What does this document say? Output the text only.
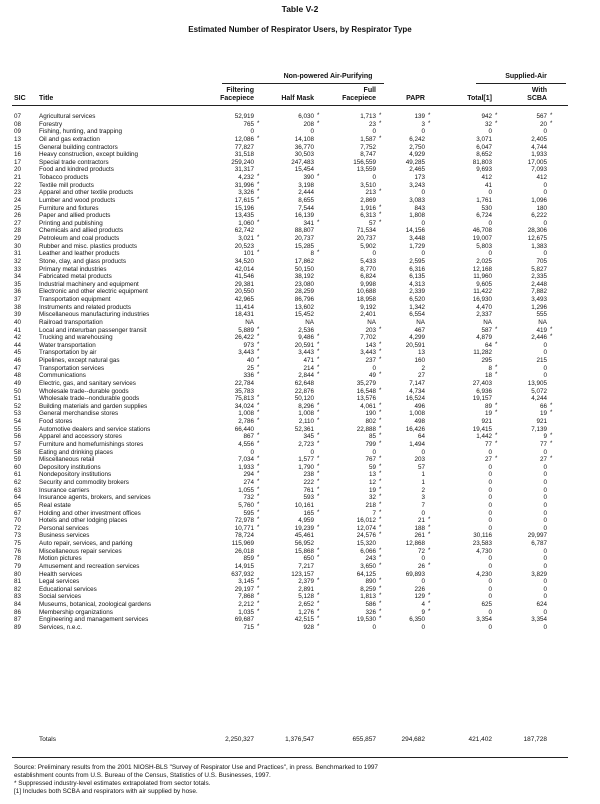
Table V-2
Estimated Number of Respirator Users, by Respirator Type
Non-powered Air-Purifying	Supplied-Air
SIC Title
Filtering
Facepiece	Half Mask
Full
Facepiece	PAPR	Total[1]
With
SCBA
07	Agricultural services	52,919	6,030 *	1,713 *	139 *	942 *	567 *
08	Forestry	765 *	208 *	23 *	3 *	32 *	20 *
09	Fishing, hunting, and trapping	0	0	0	0	0	0
13	Oil and gas extraction	12,086 *	14,108	1,587 *	6,242	3,071	2,405
15	General building contractors	77,827	36,770	7,752	2,750	6,047	4,744
16	Heavy construction, except building	31,518	30,503	8,747	4,929	8,652	1,933
17	Special trade contractors	259,240	247,483	156,559	49,285	81,803	17,005
20	Food and kindred products	31,317	15,454	13,559	2,465	9,693	7,093
21	Tobacco products	4,232 *	390 *	0	173	412	412
22	Textile mill products	31,996 *	3,198	3,510	3,243	41	0
23	Apparel and other textile products	3,326 *	2,444	213 *	0	0	0
24	Lumber and wood products	17,615 *	8,655	2,869	3,083	1,761	1,096
25	Furniture and fixtures	15,196	7,544	1,916 *	843	530	180
26	Paper and allied products	13,435	16,139	6,313 *	1,808	6,724	6,222
27	Printing and publishing	1,060 *	341 *	57 *	0	0	0
28	Chemicals and allied products	62,742	88,807	71,534	14,156	46,708	28,306
29	Petroleum and coal products	3,021 *	20,737	20,737	3,448	19,007	12,675
30	Rubber and misc. plastics products	20,523	15,285	5,902	1,729	5,803	1,383
31	Leather and leather products	101 *	8 *	0	0	0	0
32	Stone, clay, and glass products	34,520	17,862	5,433	2,595	2,025	705
33	Primary metal industries	42,014	50,150	8,770	6,316	12,168	5,827
34	Fabricated metal products	41,546	38,192	6,824	6,135	11,960	2,335
35	Industrial machinery and equipment	29,381	23,080	9,998	4,313	9,605	2,448
36	Electronic and other electric equipment	20,550	28,259	10,688	2,339	11,422	7,882
37	Transportation equipment	42,965	86,796	18,958	6,520	16,930	3,493
38	Instruments and related products	11,414	13,602	9,192	1,342	4,470	1,296
39	Miscellaneous manufacturing industries	18,431	15,452	2,401	6,554	2,337	555
40	Railroad transportation	NA	NA	NA	NA	NA	NA
41	Local and interurban passenger transit	5,889 *	2,536	203 *	467	587 *	419 *
42	Trucking and warehousing	26,422 *	9,486 *	7,702	4,299	4,879	2,446 *
44	Water transportation	973 *	20,591 *	143 *	20,591	64 *	0
45	Transportation by air	3,443 *	3,443 *	3,443 *	13	11,282	0
46	Pipelines, except natural gas	40 *	471 *	237 *	160	295	215
47	Transportation services	25 *	214 *	0	2	8 *	0
48	Communications	336 *	2,844 *	49 *	27	18 *	0
49	Electric, gas, and sanitary services	22,784	62,648	35,279	7,147	27,403	13,905
50	Wholesale trade--durable goods	35,783	22,876	16,548 *	4,734	6,936	5,072
51	Wholesale trade--nondurable goods	75,813 *	50,120	13,576	16,524	19,157	4,244
52	Building materials and garden supplies	34,024 *	8,296 *	4,061 *	496	89 *	66 *
53	General merchandise stores	1,008 *	1,008 *	190 *	1,008	19 *	19 *
54	Food stores	2,786 *	2,110 *	802 *	498	921	921
55	Automotive dealers and service stations	66,440	52,361	22,888 *	16,426	19,415	7,139
56	Apparel and accessory stores	867 *	345 *	85 *	64	1,442 *	9 *
57	Furniture and homefurnishings stores	4,556 *	2,723 *	799 *	1,494	77 *	77 *
58	Eating and drinking places	0	0	0	0	0	0
59	Miscellaneous retail	7,034 *	1,577 *	767 *	203	27 *	27 *
60	Depository institutions	1,933 *	1,790 *	59 *	57	0	0
61	Nondepository institutions	294 *	238 *	13 *	1	0	0
62	Security and commodity brokers	274 *	222 *	12 *	1	0	0
63	Insurance carriers	1,055 *	761 *	19 *	2	0	0
64	Insurance agents, brokers, and services	732 *	593 *	32 *	3	0	0
65	Real estate	5,760 *	10,161	218 *	7	0	0
67	Holding and other investment offices	595 *	165 *	7 *	0	0	0
70	Hotels and other lodging places	72,978 *	4,959	16,012 *	21 *	0	0
72	Personal services	10,771 *	19,239 *	12,074 *	188 *	0	0
73	Business services	78,724	45,461	24,576 *	261 *	30,116	29,997
75	Auto repair, services, and parking	115,969	56,952	15,320	12,868	23,583	6,787
76	Miscellaneous repair services	26,018	15,868 *	6,066 *	72 *	4,730	0
78	Motion pictures	859 *	650 *	243 *	0	0	0
79	Amusement and recreation services	14,915	7,217	3,650 *	26 *	0	0
80	Health services	637,932	123,157	64,125	69,893	4,230	3,829
81	Legal services	3,145 *	2,379 *	890 *	0	0	0
82	Educational services	29,197 *	2,891	8,259 *	226	0	0
83	Social services	7,868 *	5,128 *	1,813 *	129 *	0	0
84	Museums, botanical, zoological gardens	2,212 *	2,652 *	586 *	4 *	625	624
86	Membership organizations	1,035 *	1,276 *	326 *	9 *	0	0
87	Engineering and management services	69,687	42,515 *	19,530 *	6,350	3,354	3,354
89	Services, n.e.c.	715 *	928 *	0	0	0	0
Totals	2,250,327	1,376,547	655,857	294,682	421,402	187,728
Source: Preliminary results from the 2001 NIOSH-BLS "Survey of Respirator Use and Practices", in press. Benchmarked to 1997
establishment counts from U.S. Bureau of the Census, Statistics of U.S. Businesses, 1997.
* Suppressed industry-level estimates extrapolated from sector totals.
[1] Includes both SCBA and respirators with air supplied by hose.
